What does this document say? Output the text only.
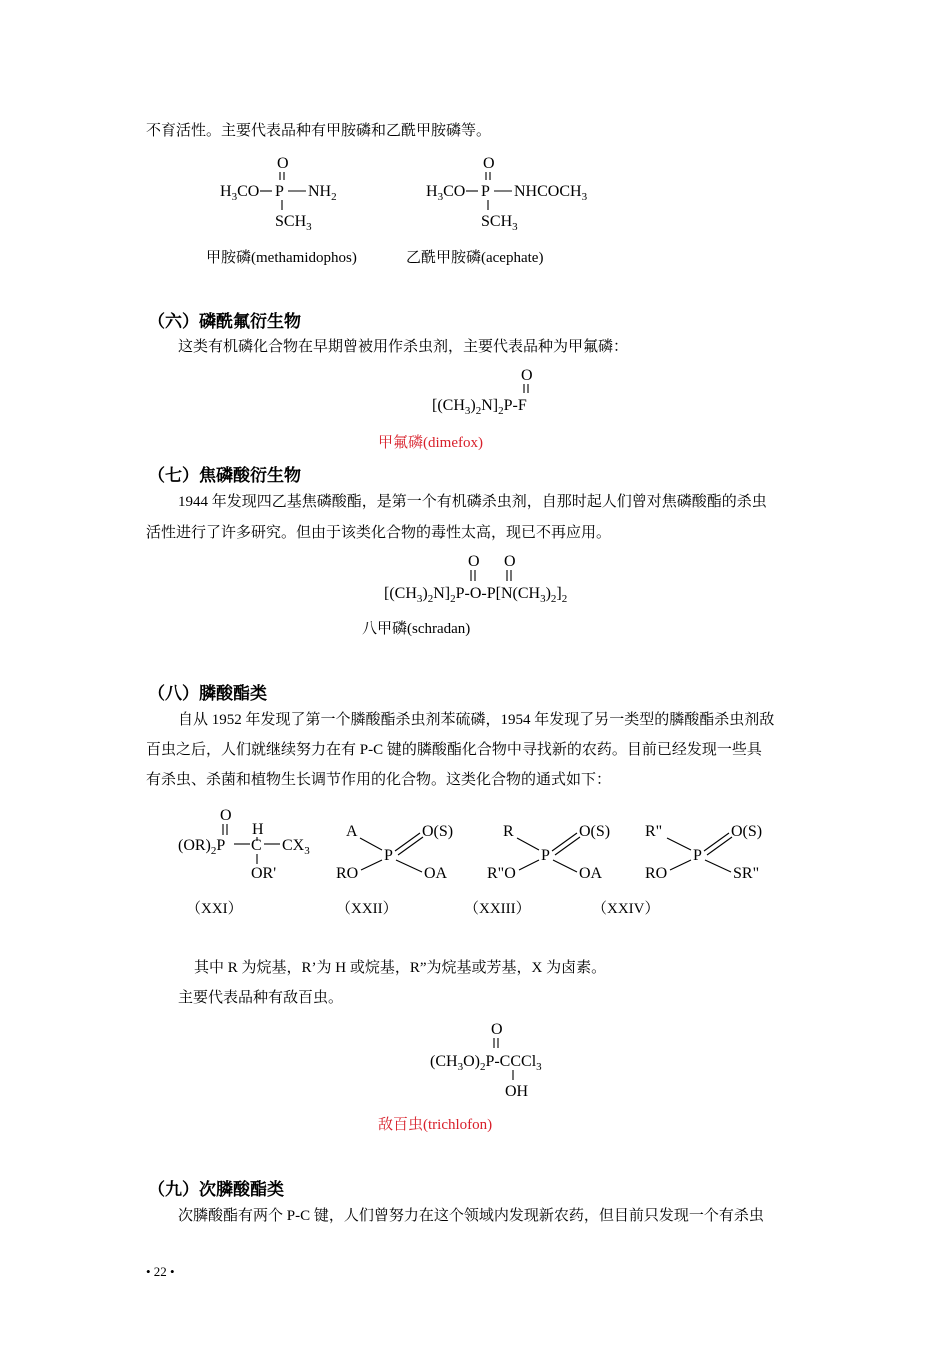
不育活性。主要代表品种有甲胺磷和乙酰甲胺磷等。
O
$H_3CO$ P $NH_2$
$SCH_3$
O
$H_3CO$ P $NHCOCH_3$
$SCH_3$
甲胺磷(methamidophos)	乙酰甲胺磷(acephate)
（六）磷酰氟衍生物
这类有机磷化合物在早期曾被用作杀虫剂，主要代表品种为甲氟磷：
O
$[(CH_3)_2N]_2P-F$
甲氟磷(dimefox)
（七）焦磷酸衍生物
1944 年发现四乙基焦磷酸酯，是第一个有机磷杀虫剂，自那时起人们曾对焦磷酸酯的杀虫
活性进行了许多研究。但由于该类化合物的毒性太高，现已不再应用。
O O
$[(CH_3)_2N]_2P-O-P[N(CH_3)_2]_2$
八甲磷(schradan)
（八）膦酸酯类
自从 1952 年发现了第一个膦酸酯杀虫剂苯硫磷，1954 年发现了另一类型的膦酸酯杀虫剂敌
百虫之后，人们就继续努力在有 P-C 键的膦酸酯化合物中寻找新的农药。目前已经发现一些具
有杀虫、杀菌和植物生长调节作用的化合物。这类化合物的通式如下：
O
H
$(OR)_2P$ C $CX_3$
OR'
A
P
O(S)
RO	OA
R
P
O(S)
R"O	OA
R"
P
O(S)
RO	SR"
（XXI）	（XXII）	（XXIII）	（XXIV）
其中 R 为烷基，R’为 H 或烷基，R”为烷基或芳基，X 为卤素。
主要代表品种有敌百虫。
O
$(CH_3O)_2P-CCCl_3$
OH
敌百虫(trichlofon)
（九）次膦酸酯类
次膦酸酯有两个 P-C 键，人们曾努力在这个领域内发现新农药，但目前只发现一个有杀虫
• 22 •
